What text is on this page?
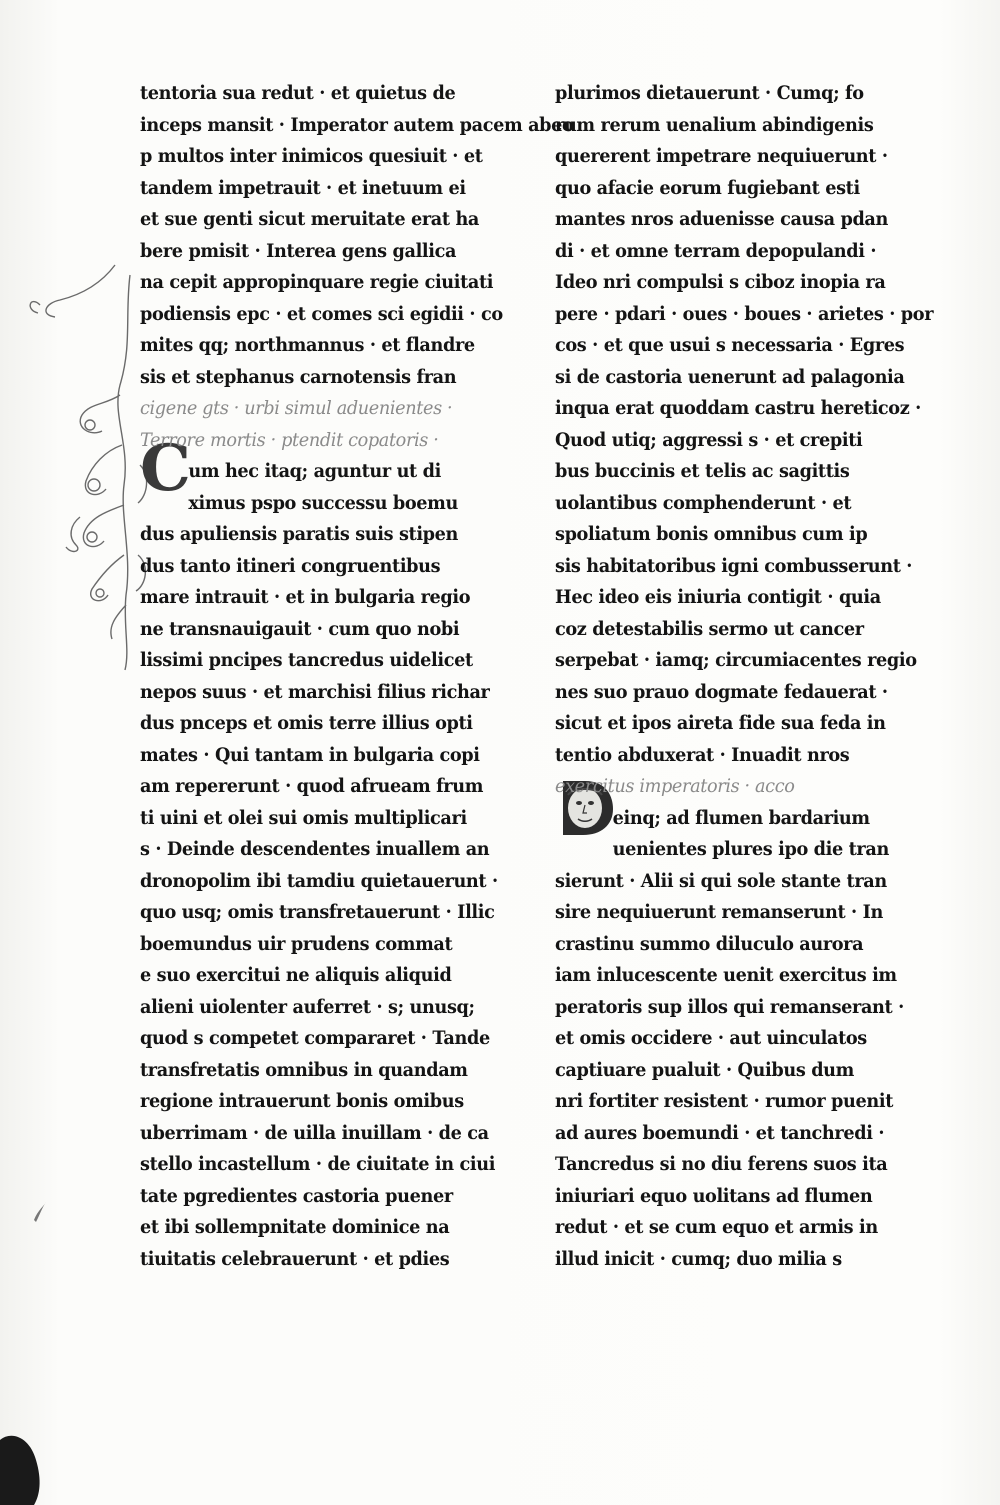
C
tentoria sua redut · et quietus de
inceps mansit · Imperator autem pacem abeo
p multos inter inimicos quesiuit · et
tandem impetrauit · et inetuum ei
et sue genti sicut meruitate erat ha
bere pmisit · Interea gens gallica
na cepit appropinquare regie ciuitati
podiensis epc · et comes sci egidii · co
mites qq; northmannus · et flandre
sis et stephanus carnotensis fran
cigene gts · urbi simul aduenientes ·
Terrore mortis · ptendit copatoris ·
um hec itaq; aguntur ut di
ximus pspo successu boemu
dus apuliensis paratis suis stipen
dus tanto itineri congruentibus
mare intrauit · et in bulgaria regio
ne transnauigauit · cum quo nobi
lissimi pncipes tancredus uidelicet
nepos suus · et marchisi filius richar
dus pnceps et omis terre illius opti
mates · Qui tantam in bulgaria copi
am repererunt · quod afrueam frum
ti uini et olei sui omis multiplicari
s · Deinde descendentes inuallem an
dronopolim ibi tamdiu quietauerunt ·
quo usq; omis transfretauerunt · Illic
boemundus uir prudens commat
e suo exercitui ne aliquis aliquid
alieni uiolenter auferret · s; unusq;
quod s competet compararet · Tande
transfretatis omnibus in quandam
regione intrauerunt bonis omibus
uberrimam · de uilla inuillam · de ca
stello incastellum · de ciuitate in ciui
tate pgredientes castoria puener
et ibi sollempnitate dominice na
tiuitatis celebrauerunt · et pdies
plurimos dietauerunt · Cumq; fo
rum rerum uenalium abindigenis
quererent impetrare nequiuerunt ·
quo afacie eorum fugiebant esti
mantes nros aduenisse causa pdan
di · et omne terram depopulandi ·
Ideo nri compulsi s ciboz inopia ra
pere · pdari · oues · boues · arietes · por
cos · et que usui s necessaria · Egres
si de castoria uenerunt ad palagonia
inqua erat quoddam castru hereticoz ·
Quod utiq; aggressi s · et crepiti
bus buccinis et telis ac sagittis
uolantibus comphenderunt · et
spoliatum bonis omnibus cum ip
sis habitatoribus igni combusserunt ·
Hec ideo eis iniuria contigit · quia
coz detestabilis sermo ut cancer
serpebat · iamq; circumiacentes regio
nes suo prauo dogmate fedauerat ·
sicut et ipos aireta fide sua feda in
tentio abduxerat · Inuadit nros
exercitus imperatoris · acco
einq; ad flumen bardarium
uenientes plures ipo die tran
sierunt · Alii si qui sole stante tran
sire nequiuerunt remanserunt · In
crastinu summo diluculo aurora
iam inlucescente uenit exercitus im
peratoris sup illos qui remanserant ·
et omis occidere · aut uinculatos
captiuare pualuit · Quibus dum
nri fortiter resistent · rumor puenit
ad aures boemundi · et tanchredi ·
Tancredus si no diu ferens suos ita
iniuriari equo uolitans ad flumen
redut · et se cum equo et armis in
illud inicit · cumq; duo milia s
